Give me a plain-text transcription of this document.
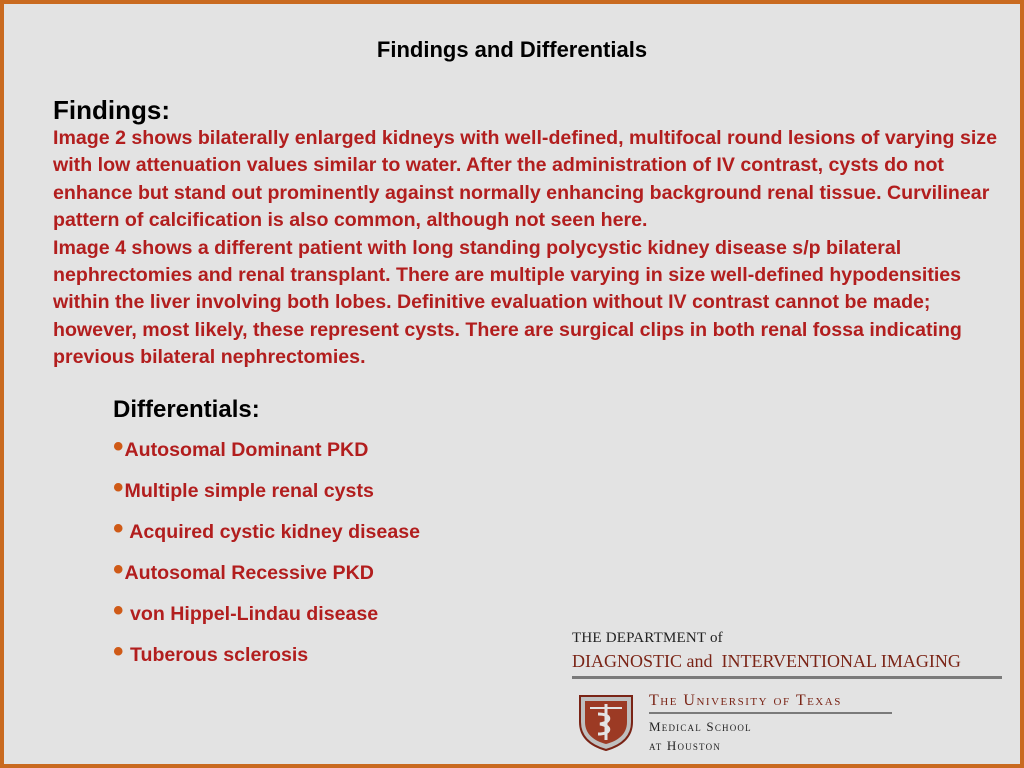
Findings and Differentials
Findings:

Image 2 shows bilaterally enlarged kidneys with well-defined, multifocal round lesions of varying size with low attenuation values similar to water. After the administration of IV contrast, cysts do not enhance but stand out prominently against normally enhancing background renal tissue. Curvilinear pattern of calcification is also common, although not seen here.

Image 4 shows a different patient with long standing polycystic kidney disease s/p bilateral nephrectomies and renal transplant. There are multiple varying in size well-defined hypodensities within the liver involving both lobes. Definitive evaluation without IV contrast cannot be made; however, most likely, these represent cysts. There are surgical clips in both renal fossa indicating previous bilateral nephrectomies.

Differentials:
• Autosomal Dominant PKD
• Multiple simple renal cysts
• Acquired cystic kidney disease
• Autosomal Recessive PKD
• von Hippel-Lindau disease
• Tuberous sclerosis
THE DEPARTMENT of
DIAGNOSTIC and  INTERVENTIONAL IMAGING
The University of Texas
Medical School
at Houston
